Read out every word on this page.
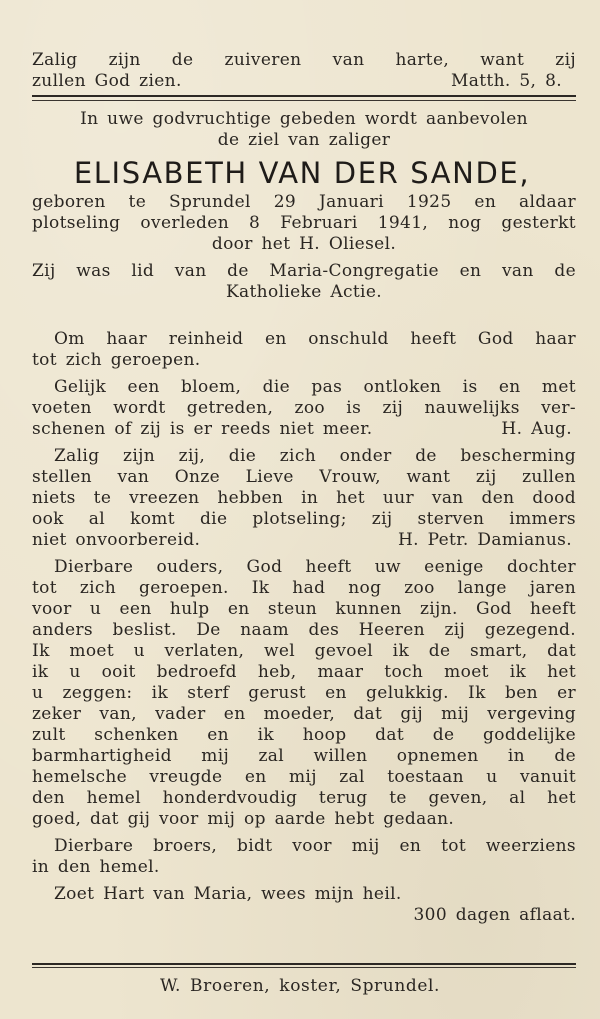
Zalig zijn de zuiveren van harte, want zij
zullen God zien.	Matth. 5, 8.
In uwe godvruchtige gebeden wordt aanbevolen
de ziel van zaliger
ELISABETH VAN DER SANDE,
geboren te Sprundel 29 Januari 1925 en aldaar
plotseling overleden 8 Februari 1941, nog gesterkt
door het H. Oliesel.
Zij was lid van de Maria-Congregatie en van de
Katholieke Actie.
Om haar reinheid en onschuld heeft God haar
tot zich geroepen.
Gelijk een bloem, die pas ontloken is en met
voeten wordt getreden, zoo is zij nauwelijks ver-
schenen of zij is er reeds niet meer.	H. Aug.
Zalig zijn zij, die zich onder de bescherming
stellen van Onze Lieve Vrouw, want zij zullen
niets te vreezen hebben in het uur van den dood
ook al komt die plotseling; zij sterven immers
niet onvoorbereid.	H. Petr. Damianus.
Dierbare ouders, God heeft uw eenige dochter
tot zich geroepen. Ik had nog zoo lange jaren
voor u een hulp en steun kunnen zijn. God heeft
anders beslist. De naam des Heeren zij gezegend.
Ik moet u verlaten, wel gevoel ik de smart, dat
ik u ooit bedroefd heb, maar toch moet ik het
u zeggen: ik sterf gerust en gelukkig. Ik ben er
zeker van, vader en moeder, dat gij mij vergeving
zult schenken en ik hoop dat de goddelijke
barmhartigheid mij zal willen opnemen in de
hemelsche vreugde en mij zal toestaan u vanuit
den hemel honderdvoudig terug te geven, al het
goed, dat gij voor mij op aarde hebt gedaan.
Dierbare broers, bidt voor mij en tot weerziens
in den hemel.
Zoet Hart van Maria, wees mijn heil.
300 dagen aflaat.
W. Broeren, koster, Sprundel.
